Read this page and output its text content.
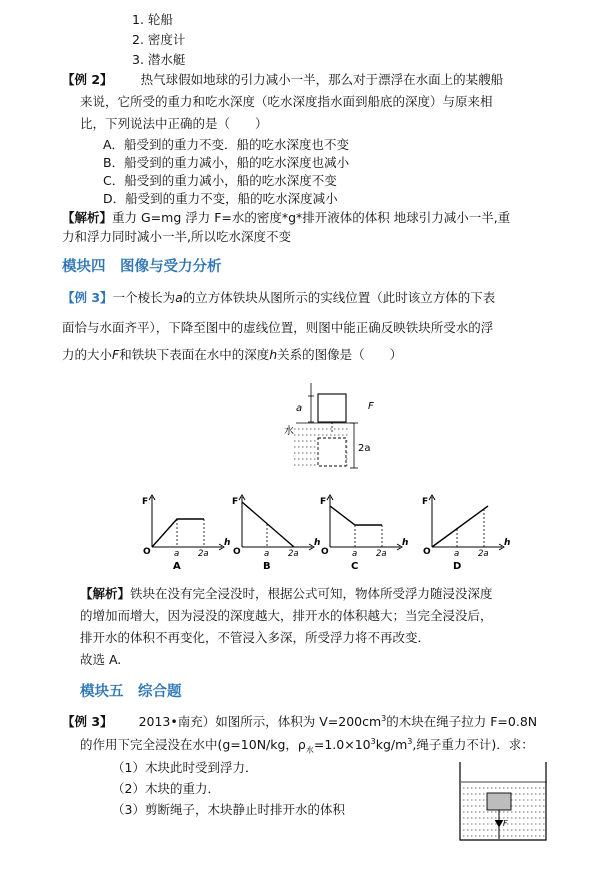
1. 轮船
2. 密度计
3. 潜水艇
【例 2】 热气球假如地球的引力减小一半，那么对于漂浮在水面上的某艘船
来说，它所受的重力和吃水深度（吃水深度指水面到船底的深度）与原来相
比，下列说法中正确的是（　　）
A．船受到的重力不变．船的吃水深度也不变
B．船受到的重力减小，船的吃水深度也减小
C．船受到的重力减小，船的吃水深度不变
D．船受到的重力不变，船的吃水深度减小
【解析】重力 G=mg 浮力 F=水的密度*g*排开液体的体积 地球引力减小一半,重
力和浮力同时减小一半,所以吃水深度不变
模块四　图像与受力分析
【例 3】一个棱长为a的立方体铁块从图所示的实线位置（此时该立方体的下表
面恰与水面齐平），下降至图中的虚线位置，则图中能正确反映铁块所受水的浮
力的大小F和铁块下表面在水中的深度h关系的图像是（　　）
a	F
水
2a
F
h
O	a 2a
A
F
h
O	a 2a
B
F
h
O	a 2a
C
F
h
O	a 2a
D
【解析】铁块在没有完全浸没时，根据公式可知，物体所受浮力随浸没深度
的增加而增大，因为浸没的深度越大，排开水的体积越大；当完全浸没后，
排开水的体积不再变化，不管浸入多深，所受浮力将不再改变．
故选 A.
模块五　综合题
【例 3】 2013•南充）如图所示，体积为 $V=200cm^3$的木块在绳子拉力 F=0.8N
的作用下完全浸没在水中(g=10N/kg，$\rho_水=1.0\times 10^3kg/m^3$,绳子重力不计)．求：
（1）木块此时受到浮力．
（2）木块的重力．
（3）剪断绳子，木块静止时排开水的体积
F
